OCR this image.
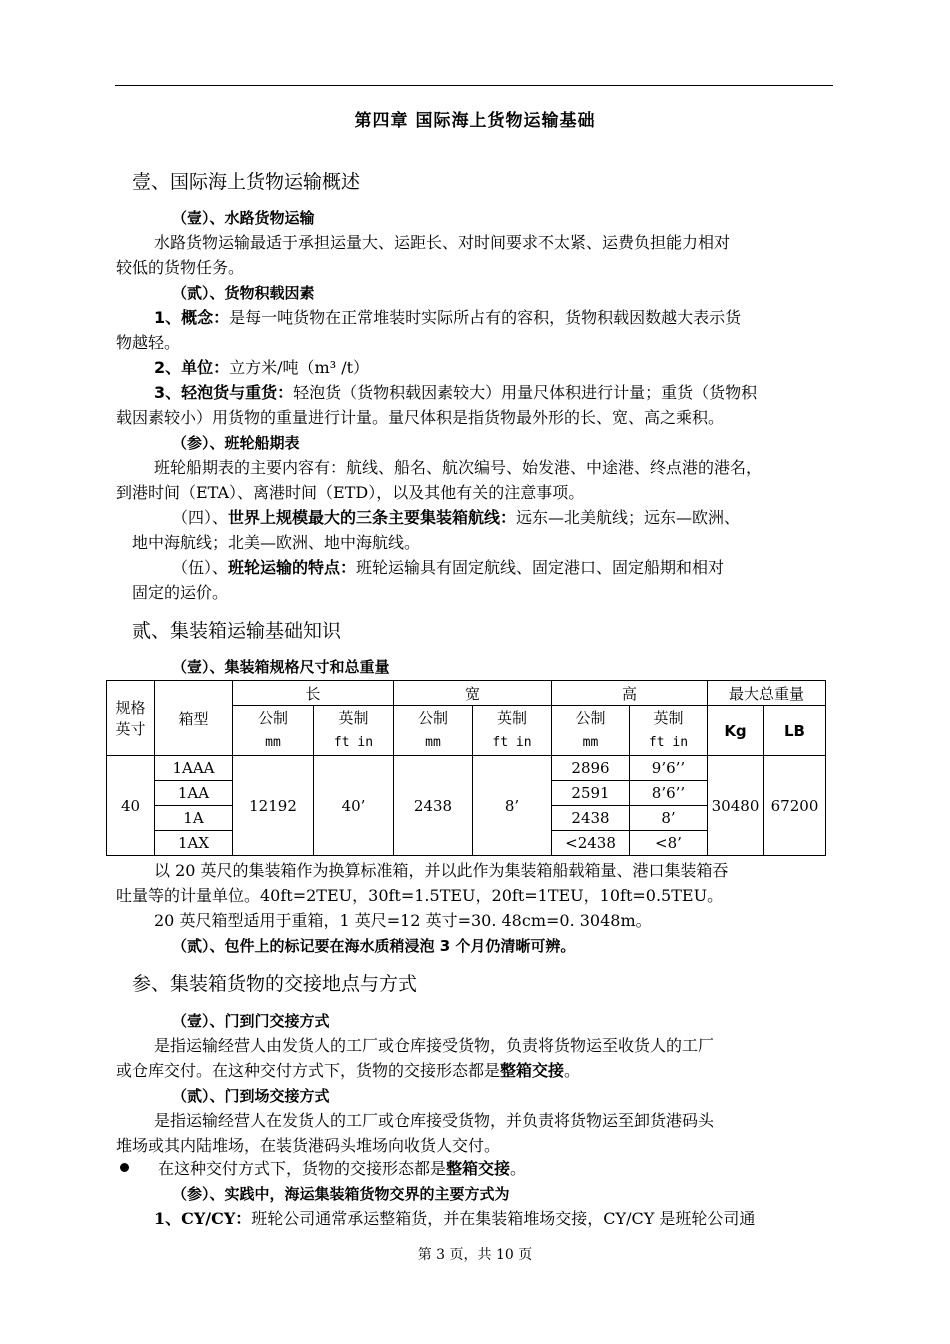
第四章 国际海上货物运输基础
壹、国际海上货物运输概述
（壹）、水路货物运输
水路货物运输最适于承担运量大、运距长、对时间要求不太紧、运费负担能力相对
较低的货物任务。
（贰）、货物积载因素
1、概念：是每一吨货物在正常堆装时实际所占有的容积，货物积载因数越大表示货
物越轻。
2、单位：立方米/吨（m³ /t）
3、轻泡货与重货：轻泡货（货物积载因素较大）用量尺体积进行计量；重货（货物积
载因素较小）用货物的重量进行计量。量尺体积是指货物最外形的长、宽、高之乘积。
（参）、班轮船期表
班轮船期表的主要内容有：航线、船名、航次编号、始发港、中途港、终点港的港名，
到港时间（ETA）、离港时间（ETD），以及其他有关的注意事项。
（四）、世界上规模最大的三条主要集装箱航线：远东—北美航线；远东—欧洲、
地中海航线；北美—欧洲、地中海航线。
（伍）、班轮运输的特点：班轮运输具有固定航线、固定港口、固定船期和相对
固定的运价。
贰、集装箱运输基础知识
（壹）、集装箱规格尺寸和总重量
规格
英寸	箱型	长		宽		高		最大总重量	
		公制	英制	公制	英制	公制	英制	Kg	LB
		mm	ft in	mm	ft in	mm	ft in		
40	1AAA	12192	40’	2438	8’	2896	9’6’’	30480	67200
	1AA					2591	8’6’’		
	1A					2438	8’		
	1AX					<2438	<8’		
以 20 英尺的集装箱作为换算标准箱，并以此作为集装箱船载箱量、港口集装箱吞
吐量等的计量单位。40ft=2TEU，30ft=1.5TEU，20ft=1TEU，10ft=0.5TEU。
20 英尺箱型适用于重箱，1 英尺=12 英寸=30. 48cm=0. 3048m。
（贰）、包件上的标记要在海水质稍浸泡 3 个月仍清晰可辨。
参、集装箱货物的交接地点与方式
（壹）、门到门交接方式
是指运输经营人由发货人的工厂或仓库接受货物，负责将货物运至收货人的工厂
或仓库交付。在这种交付方式下，货物的交接形态都是整箱交接。
（贰）、门到场交接方式
是指运输经营人在发货人的工厂或仓库接受货物，并负责将货物运至卸货港码头
堆场或其内陆堆场，在装货港码头堆场向收货人交付。
在这种交付方式下，货物的交接形态都是整箱交接。
（参）、实践中，海运集装箱货物交界的主要方式为
1、CY/CY：班轮公司通常承运整箱货，并在集装箱堆场交接，CY/CY 是班轮公司通
第 3 页，共 10 页
